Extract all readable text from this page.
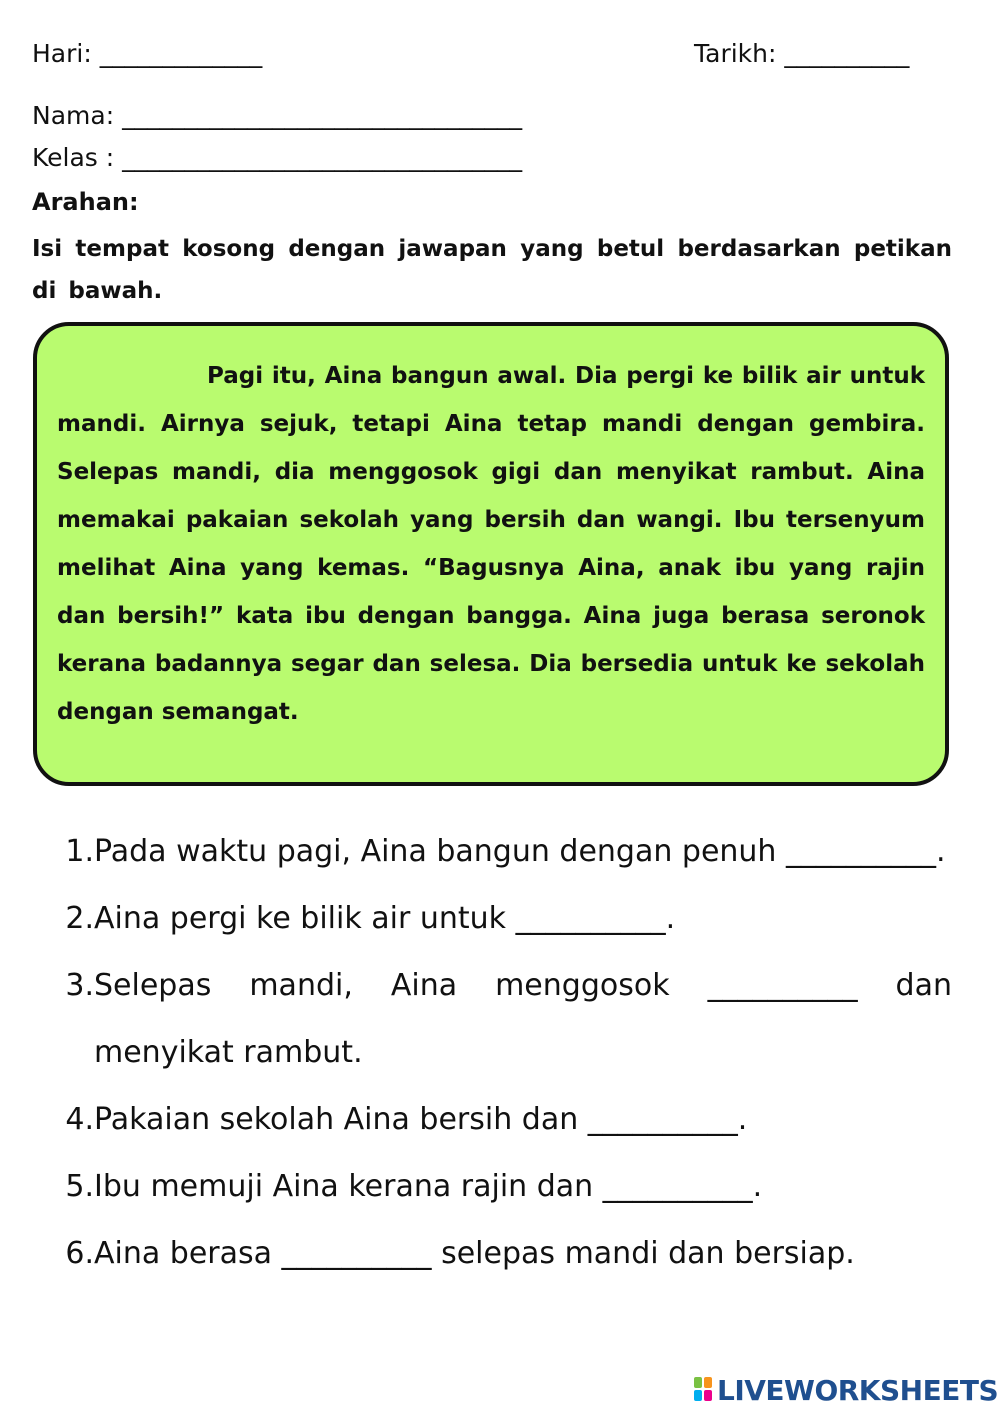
Hari: _____________	Tarikh: __________
Nama: ________________________________
Kelas : ________________________________
Arahan:
Isi tempat kosong dengan jawapan yang betul berdasarkan petikan di bawah.

Pagi itu, Aina bangun awal. Dia pergi ke bilik air untuk mandi. Airnya sejuk, tetapi Aina tetap mandi dengan gembira. Selepas mandi, dia menggosok gigi dan menyikat rambut. Aina memakai pakaian sekolah yang bersih dan wangi. Ibu tersenyum melihat Aina yang kemas. “Bagusnya Aina, anak ibu yang rajin dan bersih!” kata ibu dengan bangga. Aina juga berasa seronok kerana badannya segar dan selesa. Dia bersedia untuk ke sekolah dengan semangat.

1. Pada waktu pagi, Aina bangun dengan penuh __________.
2. Aina pergi ke bilik air untuk __________.
3. Selepas mandi, Aina menggosok __________ dan menyikat rambut.
4. Pakaian sekolah Aina bersih dan __________.
5. Ibu memuji Aina kerana rajin dan __________.
6. Aina berasa __________ selepas mandi dan bersiap.
LIVEWORKSHEETS
